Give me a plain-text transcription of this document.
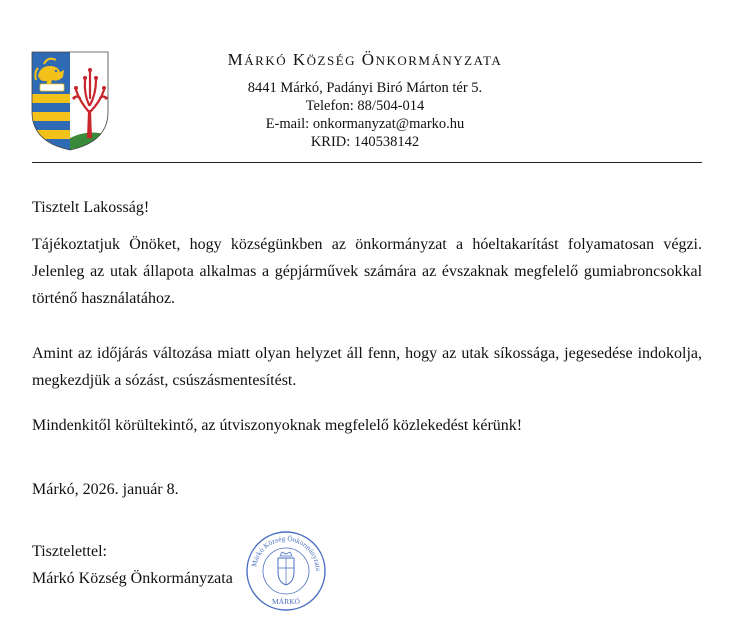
MÁRKÓ KÖZSÉG ÖNKORMÁNYZATA

8441 Márkó, Padányi Biró Márton tér 5.

Telefon: 88/504-014

E-mail: onkormanyzat@marko.hu

KRID: 140538142

Tisztelt Lakosság!

Tájékoztatjuk Önöket, hogy községünkben az önkormányzat a hóeltakarítást folyamatosan végzi. Jelenleg az utak állapota alkalmas a gépjárművek számára az évszaknak megfelelő gumiabroncsokkal történő használatához.

Amint az időjárás változása miatt olyan helyzet áll fenn, hogy az utak síkossága, jegesedése indokolja, megkezdjük a sózást, csúszásmentesítést.

Mindenkitől körültekintő, az útviszonyoknak megfelelő közlekedést kérünk!

Márkó, 2026. január 8.

Tisztelettel:

Márkó Község Önkormányzata

Márkó Község Önkormányzata
MÁRKÓ
